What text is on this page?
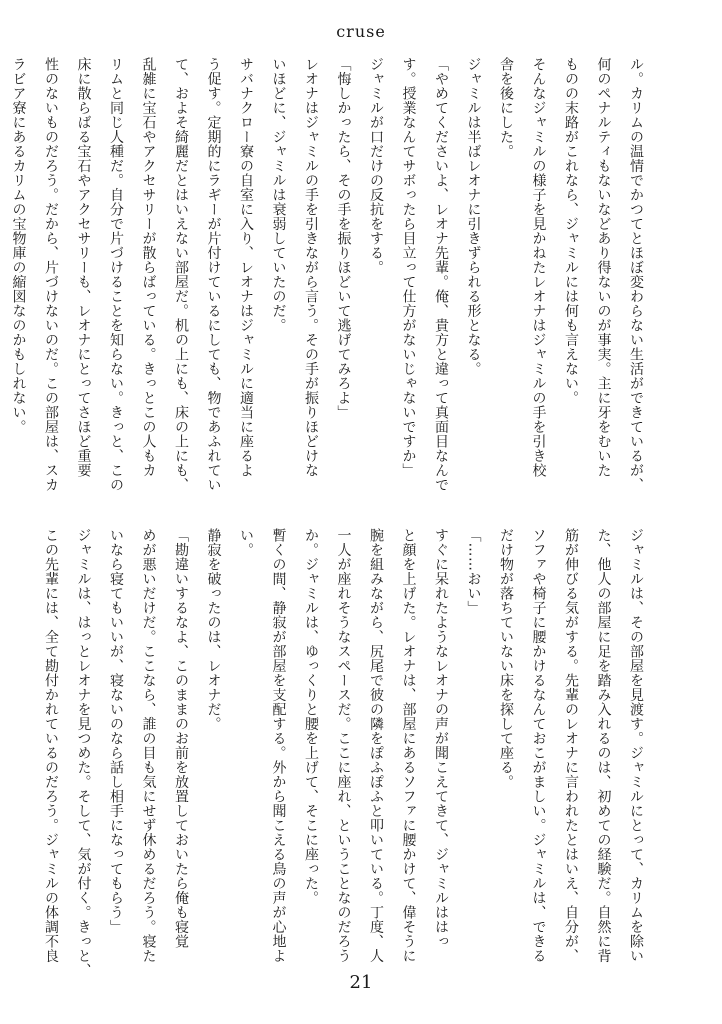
cruse

ル。カリムの温情でかつてとほぼ変わらない生活ができているが、

何のペナルティもないなどあり得ないのが事実。主に牙をむいた

ものの末路がこれなら、ジャミルには何も言えない。

そんなジャミルの様子を見かねたレオナはジャミルの手を引き校

舎を後にした。

ジャミルは半ばレオナに引きずられる形となる。

「やめてくださいよ、レオナ先輩。俺、貴方と違って真面目なんで

す。授業なんてサボったら目立って仕方がないじゃないですか」

ジャミルが口だけの反抗をする。

「悔しかったら、その手を振りほどいて逃げてみろよ」

レオナはジャミルの手を引きながら言う。その手が振りほどけな

いほどに、ジャミルは衰弱していたのだ。

サバナクロー寮の自室に入り、レオナはジャミルに適当に座るよ

う促す。定期的にラギーが片付けているにしても、物であふれてい

て、およそ綺麗だとはいえない部屋だ。机の上にも、床の上にも、

乱雑に宝石やアクセサリーが散らばっている。きっとこの人もカ

リムと同じ人種だ。自分で片づけることを知らない。きっと、この

床に散らばる宝石やアクセサリーも、レオナにとってさほど重要

性のないものだろう。だから、片づけないのだ。この部屋は、スカ

ラビア寮にあるカリムの宝物庫の縮図なのかもしれない。

ジャミルは、その部屋を見渡す。ジャミルにとって、カリムを除い

た、他人の部屋に足を踏み入れるのは、初めての経験だ。自然に背

筋が伸びる気がする。先輩のレオナに言われたとはいえ、自分が、

ソファや椅子に腰かけるなんておこがましい。ジャミルは、できる

だけ物が落ちていない床を探して座る。

「……おい」

すぐに呆れたようなレオナの声が聞こえてきて、ジャミルははっ

と顔を上げた。レオナは、部屋にあるソファに腰かけて、偉そうに

腕を組みながら、尻尾で彼の隣をぽふぽふと叩いている。丁度、人

一人が座れそうなスペースだ。ここに座れ、ということなのだろう

か。ジャミルは、ゆっくりと腰を上げて、そこに座った。

暫くの間、静寂が部屋を支配する。外から聞こえる鳥の声が心地よ

い。

静寂を破ったのは、レオナだ。

「勘違いするなよ、このままのお前を放置しておいたら俺も寝覚

めが悪いだけだ。ここなら、誰の目も気にせず休めるだろう。寝た

いなら寝てもいいが、寝ないのなら話し相手になってもらう」

ジャミルは、はっとレオナを見つめた。そして、気が付く。きっと、

この先輩には、全て勘付かれているのだろう。ジャミルの体調不良

21
